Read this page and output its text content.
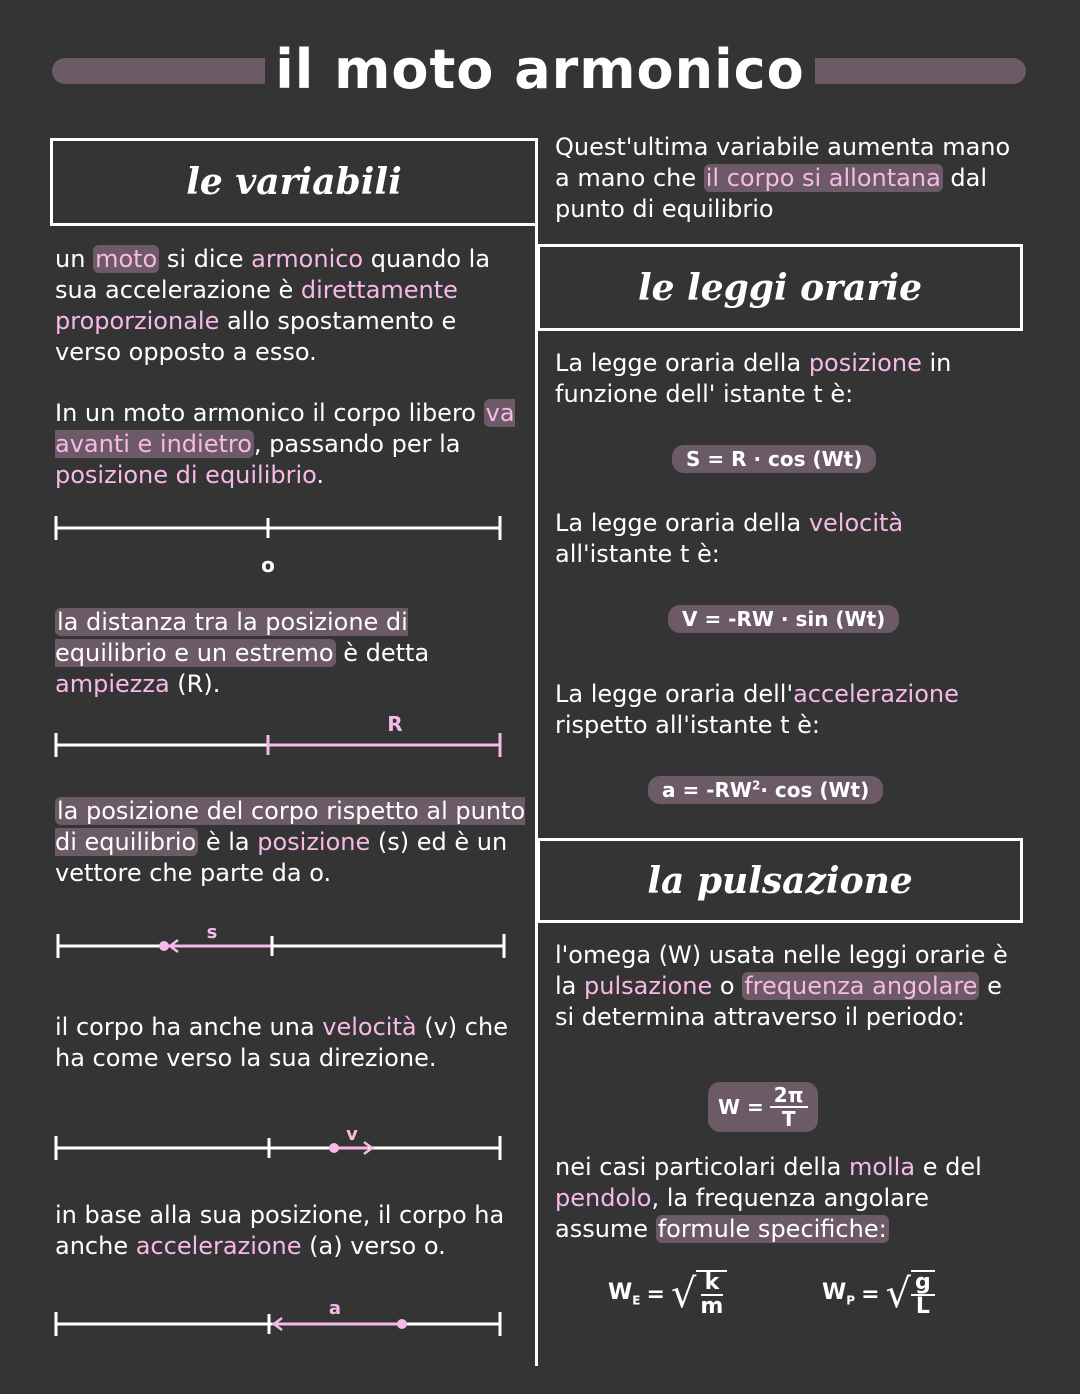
il moto armonico
le variabili
un moto si dice armonico quando la sua accelerazione è direttamente proporzionale allo spostamento e verso opposto a esso.
In un moto armonico il corpo libero va avanti e indietro, passando per la posizione di equilibrio.
o
la distanza tra la posizione di equilibrio e un estremo è detta ampiezza (R).
R
la posizione del corpo rispetto al punto di equilibrio è la posizione (s) ed è un vettore che parte da o.
s
il corpo ha anche una velocità (v) che ha come verso la sua direzione.
v
in base alla sua posizione, il corpo ha anche accelerazione (a) verso o.
a
Quest'ultima variabile aumenta mano a mano che il corpo si allontana dal punto di equilibrio
le leggi orarie
La legge oraria della posizione in funzione dell' istante t è:
S = R · cos (Wt)
La legge oraria della velocità all'istante t è:
V = -RW · sin (Wt)
La legge oraria dell'accelerazione rispetto all'istante t è:
$a = -RW^2\cdot \cos (Wt)$
la pulsazione
l'omega (W) usata nelle leggi orarie è la pulsazione o frequenza angolare e si determina attraverso il periodo:
$W = \frac{2\pi}{T}$
nei casi particolari della molla e del pendolo, la frequenza angolare assume formule specifiche:
$W_E$ = √ $\frac{k}{m}$	$W_P$ = √ $\frac{g}{L}$
